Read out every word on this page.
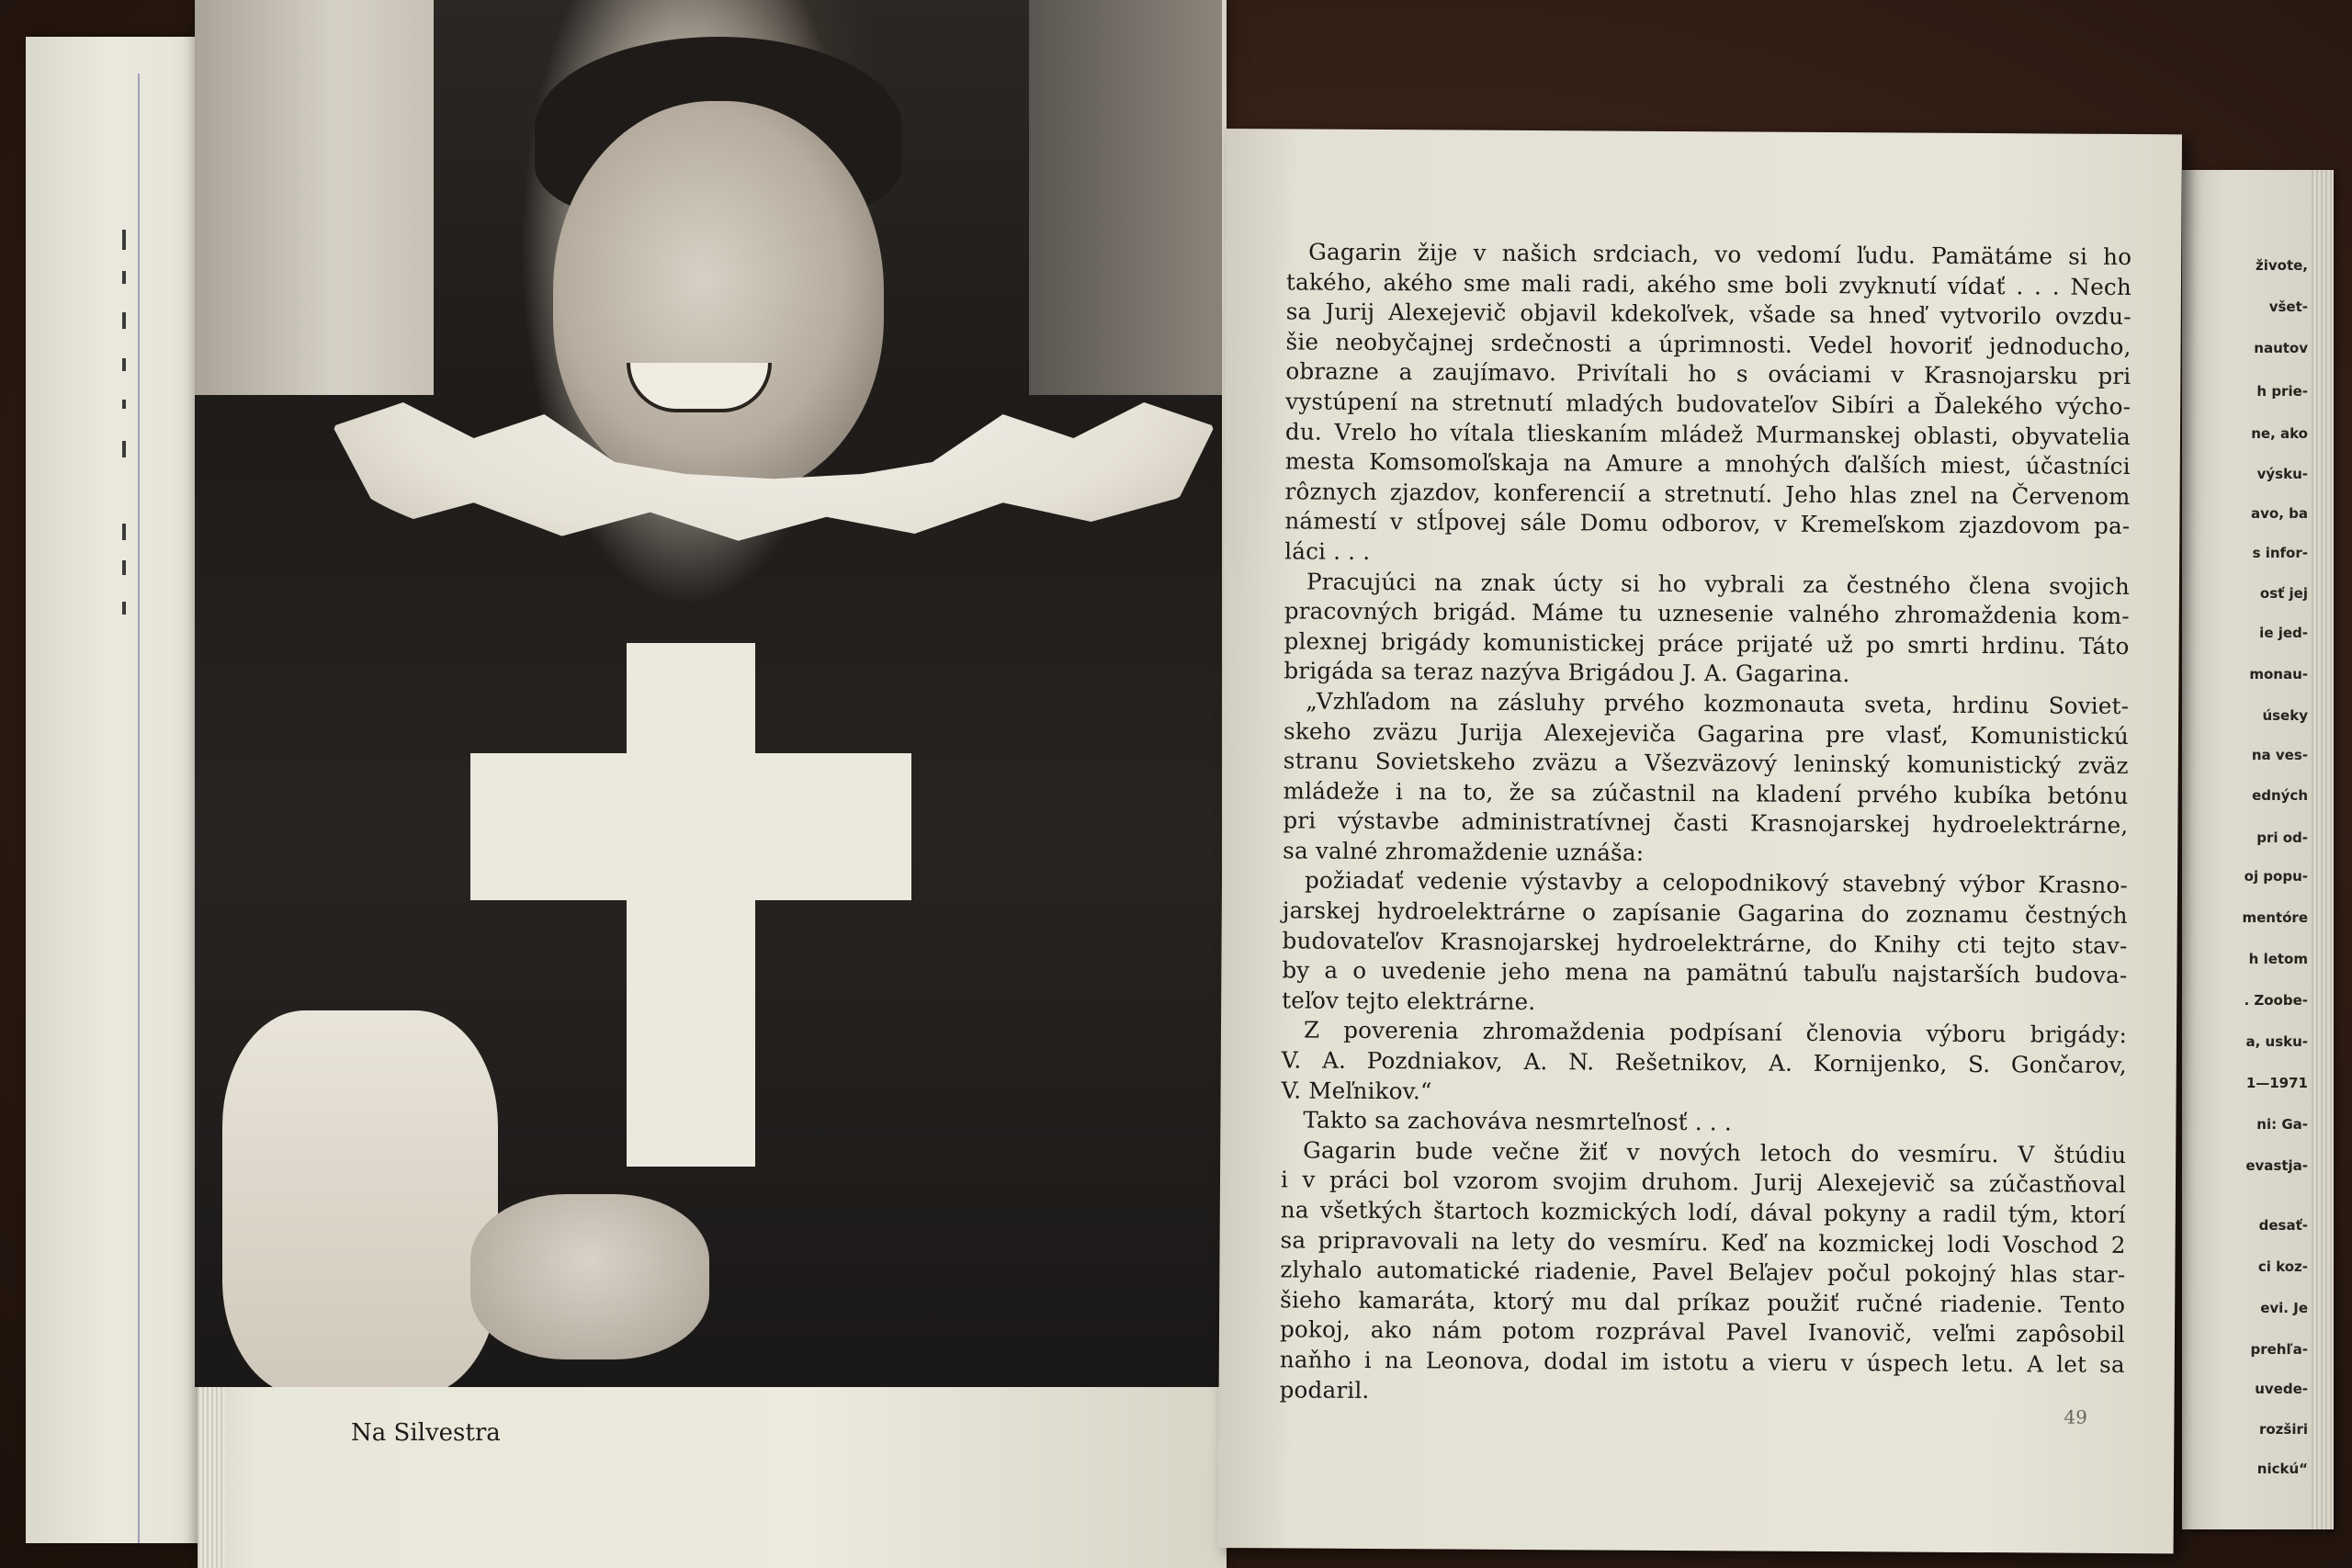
Na Silvestra
živote,
všet-
nautov
h prie-
ne, ako
výsku-
avo, ba
s infor-
osť jej
ie jed-
monau-
úseky
na ves-
edných
pri od-
oj popu-
mentóre
h letom
. Zoobe-
a, usku-
1—1971
ni: Ga-
evastja-
desať-
ci koz-
evi. Je
prehľa-
uvede-
rozširi
nickú“
Gagarin žije v našich srdciach, vo vedomí ľudu. Pamätáme si ho
takého, akého sme mali radi, akého sme boli zvyknutí vídať . . . Nech
sa Jurij Alexejevič objavil kdekoľvek, všade sa hneď vytvorilo ovzdu-
šie neobyčajnej srdečnosti a úprimnosti. Vedel hovoriť jednoducho,
obrazne a zaujímavo. Privítali ho s ováciami v Krasnojarsku pri
vystúpení na stretnutí mladých budovateľov Sibíri a Ďalekého výcho-
du. Vrelo ho vítala tlieskaním mládež Murmanskej oblasti, obyvatelia
mesta Komsomoľskaja na Amure a mnohých ďalších miest, účastníci
rôznych zjazdov, konferencií a stretnutí. Jeho hlas znel na Červenom
námestí v stĺpovej sále Domu odborov, v Kremeľskom zjazdovom pa-
láci . . .
Pracujúci na znak úcty si ho vybrali za čestného člena svojich
pracovných brigád. Máme tu uznesenie valného zhromaždenia kom-
plexnej brigády komunistickej práce prijaté už po smrti hrdinu. Táto
brigáda sa teraz nazýva Brigádou J. A. Gagarina.
„Vzhľadom na zásluhy prvého kozmonauta sveta, hrdinu Soviet-
skeho zväzu Jurija Alexejeviča Gagarina pre vlasť, Komunistickú
stranu Sovietskeho zväzu a Všezväzový leninský komunistický zväz
mládeže i na to, že sa zúčastnil na kladení prvého kubíka betónu
pri výstavbe administratívnej časti Krasnojarskej hydroelektrárne,
sa valné zhromaždenie uznáša:
požiadať vedenie výstavby a celopodnikový stavebný výbor Krasno-
jarskej hydroelektrárne o zapísanie Gagarina do zoznamu čestných
budovateľov Krasnojarskej hydroelektrárne, do Knihy cti tejto stav-
by a o uvedenie jeho mena na pamätnú tabuľu najstarších budova-
teľov tejto elektrárne.
Z poverenia zhromaždenia podpísaní členovia výboru brigády:
V. A. Pozdniakov, A. N. Rešetnikov, A. Kornijenko, S. Gončarov,
V. Meľnikov.“
Takto sa zachováva nesmrteľnosť . . .
Gagarin bude večne žiť v nových letoch do vesmíru. V štúdiu
i v práci bol vzorom svojim druhom. Jurij Alexejevič sa zúčastňoval
na všetkých štartoch kozmických lodí, dával pokyny a radil tým, ktorí
sa pripravovali na lety do vesmíru. Keď na kozmickej lodi Voschod 2
zlyhalo automatické riadenie, Pavel Beľajev počul pokojný hlas star-
šieho kamaráta, ktorý mu dal príkaz použiť ručné riadenie. Tento
pokoj, ako nám potom rozprával Pavel Ivanovič, veľmi zapôsobil
naňho i na Leonova, dodal im istotu a vieru v úspech letu. A let sa
podaril.
49
